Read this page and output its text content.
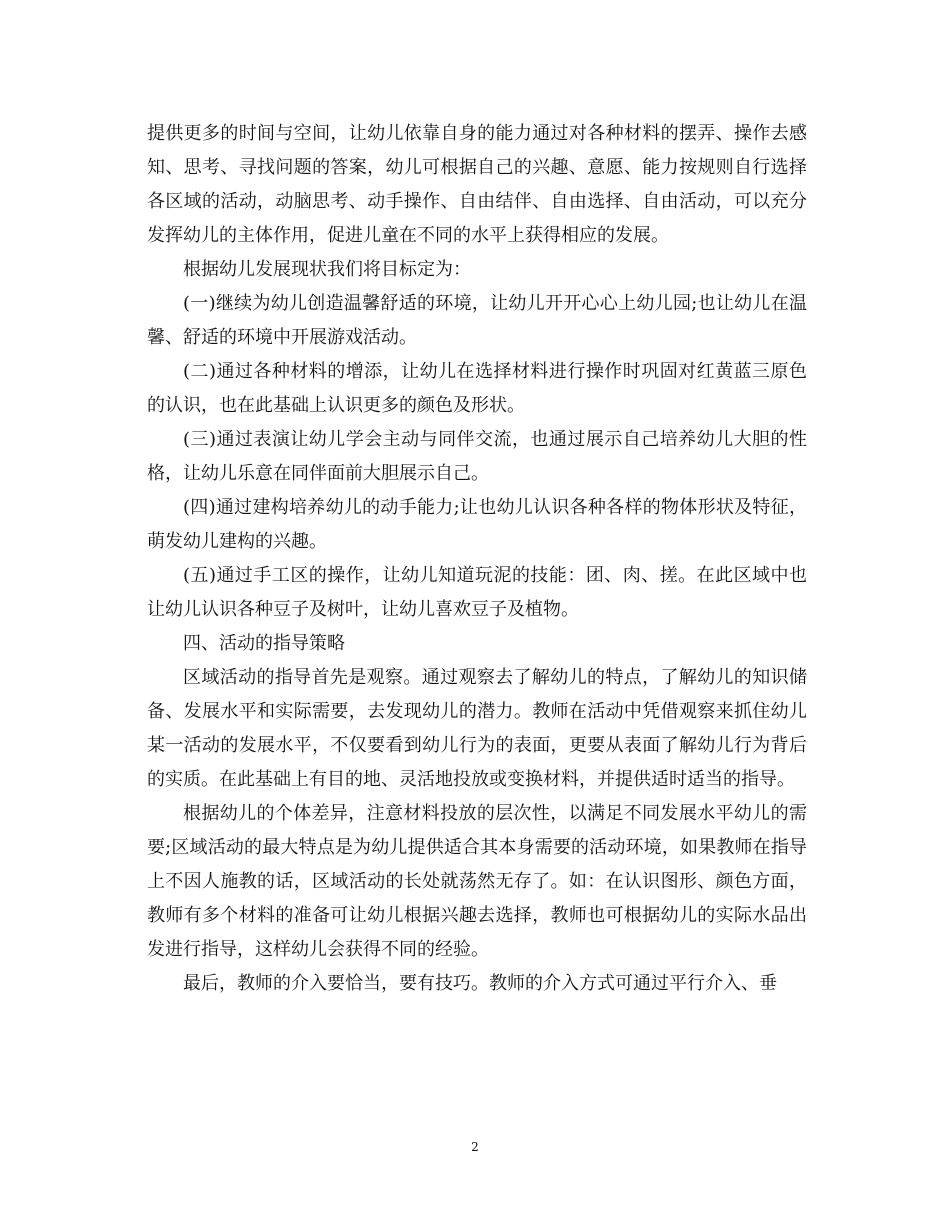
提供更多的时间与空间，让幼儿依靠自身的能力通过对各种材料的摆弄、操作去感知、思考、寻找问题的答案，幼儿可根据自己的兴趣、意愿、能力按规则自行选择各区域的活动，动脑思考、动手操作、自由结伴、自由选择、自由活动，可以充分发挥幼儿的主体作用，促进儿童在不同的水平上获得相应的发展。

根据幼儿发展现状我们将目标定为：

(一)继续为幼儿创造温馨舒适的环境，让幼儿开开心心上幼儿园;也让幼儿在温馨、舒适的环境中开展游戏活动。

(二)通过各种材料的增添，让幼儿在选择材料进行操作时巩固对红黄蓝三原色的认识，也在此基础上认识更多的颜色及形状。

(三)通过表演让幼儿学会主动与同伴交流，也通过展示自己培养幼儿大胆的性格，让幼儿乐意在同伴面前大胆展示自己。

(四)通过建构培养幼儿的动手能力;让也幼儿认识各种各样的物体形状及特征，萌发幼儿建构的兴趣。

(五)通过手工区的操作，让幼儿知道玩泥的技能：团、肉、搓。在此区域中也让幼儿认识各种豆子及树叶，让幼儿喜欢豆子及植物。

四、活动的指导策略

区域活动的指导首先是观察。通过观察去了解幼儿的特点，了解幼儿的知识储备、发展水平和实际需要，去发现幼儿的潜力。教师在活动中凭借观察来抓住幼儿某一活动的发展水平，不仅要看到幼儿行为的表面，更要从表面了解幼儿行为背后的实质。在此基础上有目的地、灵活地投放或变换材料，并提供适时适当的指导。

根据幼儿的个体差异，注意材料投放的层次性，以满足不同发展水平幼儿的需要;区域活动的最大特点是为幼儿提供适合其本身需要的活动环境，如果教师在指导上不因人施教的话，区域活动的长处就荡然无存了。如：在认识图形、颜色方面，教师有多个材料的准备可让幼儿根据兴趣去选择，教师也可根据幼儿的实际水品出发进行指导，这样幼儿会获得不同的经验。

最后，教师的介入要恰当，要有技巧。教师的介入方式可通过平行介入、垂

2
